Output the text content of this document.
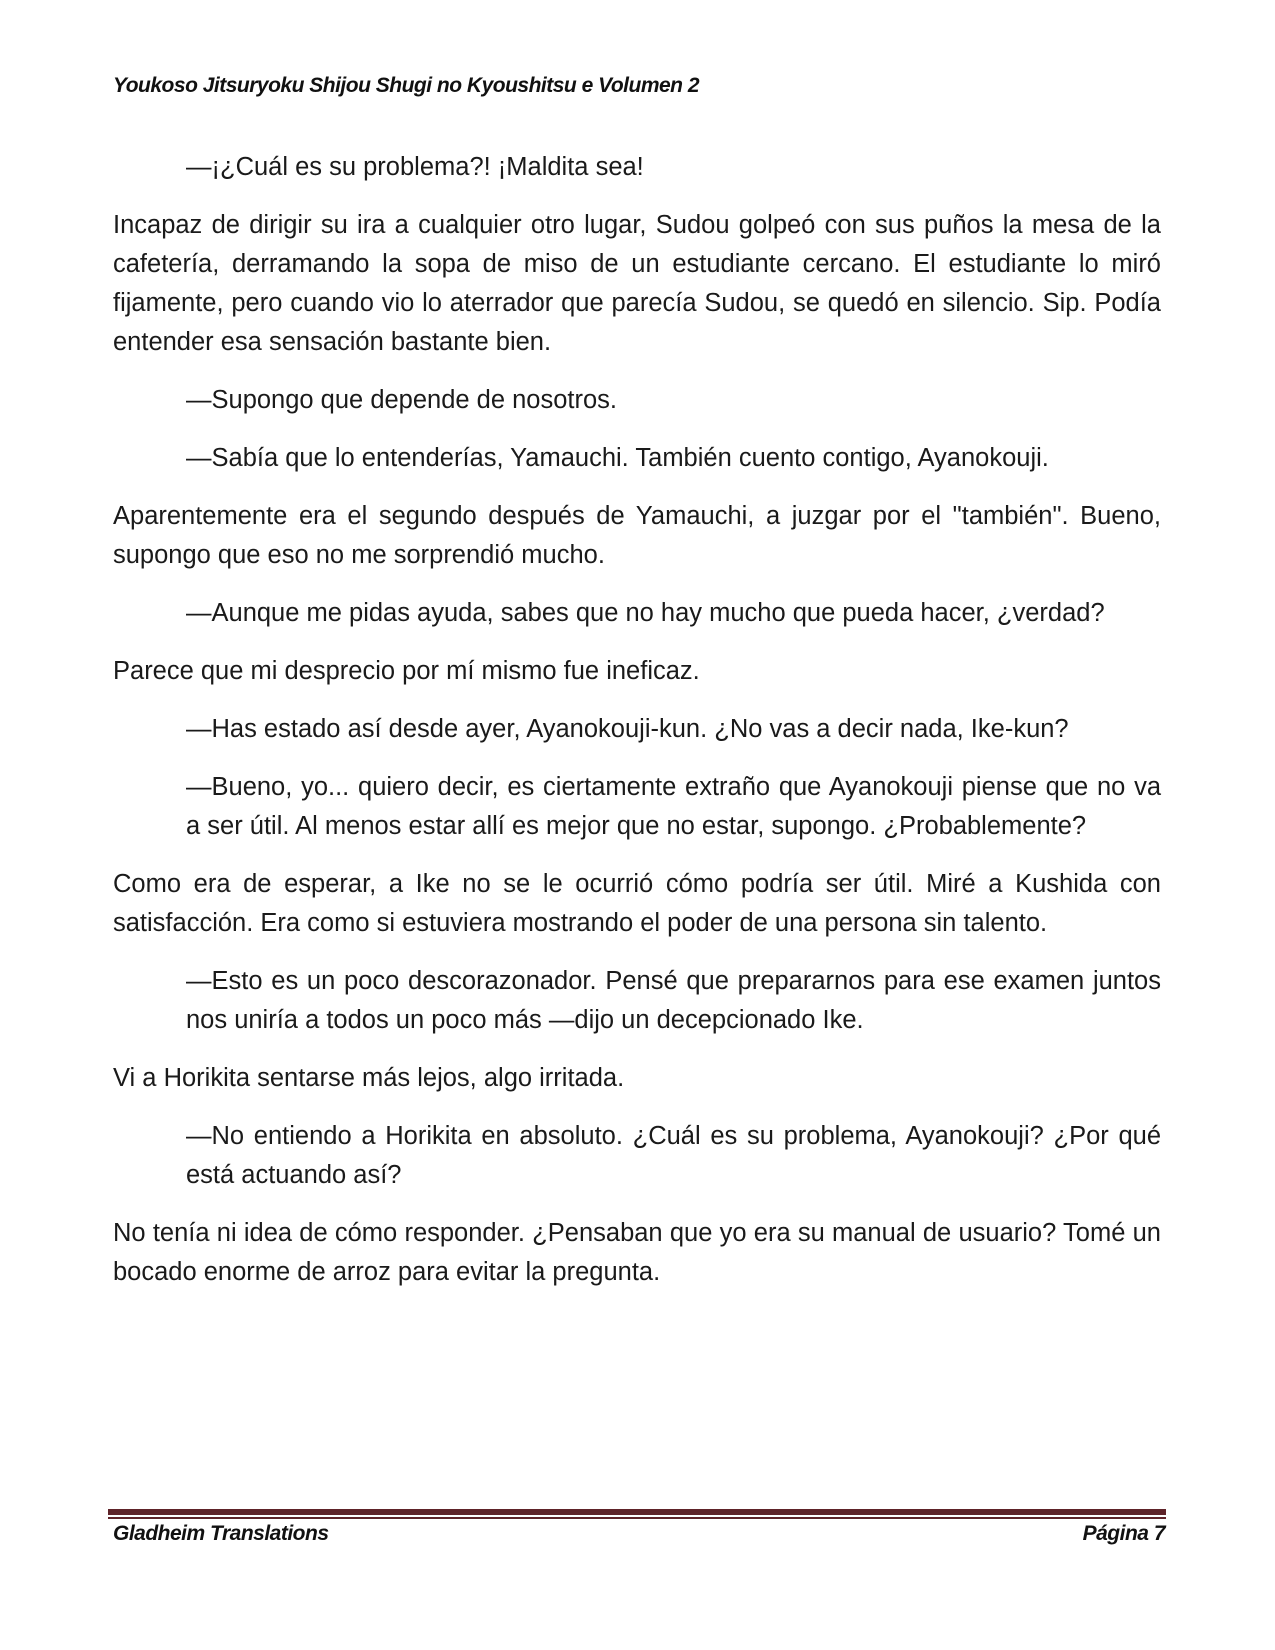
Youkoso Jitsuryoku Shijou Shugi no Kyoushitsu e Volumen 2

—¡¿Cuál es su problema?! ¡Maldita sea!

Incapaz de dirigir su ira a cualquier otro lugar, Sudou golpeó con sus puños la mesa de la cafetería, derramando la sopa de miso de un estudiante cercano. El estudiante lo miró fijamente, pero cuando vio lo aterrador que parecía Sudou, se quedó en silencio. Sip. Podía entender esa sensación bastante bien.

—Supongo que depende de nosotros.

—Sabía que lo entenderías, Yamauchi. También cuento contigo, Ayanokouji.

Aparentemente era el segundo después de Yamauchi, a juzgar por el "también". Bueno, supongo que eso no me sorprendió mucho.

—Aunque me pidas ayuda, sabes que no hay mucho que pueda hacer, ¿verdad?

Parece que mi desprecio por mí mismo fue ineficaz.

—Has estado así desde ayer, Ayanokouji-kun. ¿No vas a decir nada, Ike-kun?

—Bueno, yo... quiero decir, es ciertamente extraño que Ayanokouji piense que no va a ser útil. Al menos estar allí es mejor que no estar, supongo. ¿Probablemente?

Como era de esperar, a Ike no se le ocurrió cómo podría ser útil. Miré a Kushida con satisfacción. Era como si estuviera mostrando el poder de una persona sin talento.

—Esto es un poco descorazonador. Pensé que prepararnos para ese examen juntos nos uniría a todos un poco más —dijo un decepcionado Ike.

Vi a Horikita sentarse más lejos, algo irritada.

—No entiendo a Horikita en absoluto. ¿Cuál es su problema, Ayanokouji? ¿Por qué está actuando así?

No tenía ni idea de cómo responder. ¿Pensaban que yo era su manual de usuario? Tomé un bocado enorme de arroz para evitar la pregunta.

Gladheim Translations	Página 7
